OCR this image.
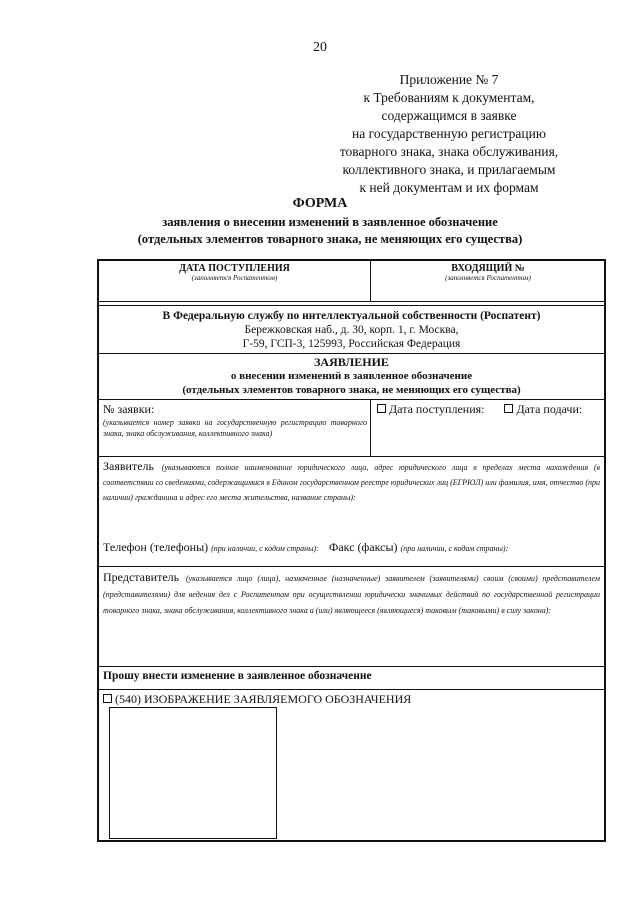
20
Приложение № 7
к Требованиям к документам,
содержащимся в заявке
на государственную регистрацию
товарного знака, знака обслуживания,
коллективного знака, и прилагаемым
к ней документам и их формам
ФОРМА
заявления о внесении изменений в заявленное обозначение
(отдельных элементов товарного знака, не меняющих его существа)
ДАТА ПОСТУПЛЕНИЯ
(заполняется Роспатентом)
ВХОДЯЩИЙ №
(заполняется Роспатентом)
В Федеральную службу по интеллектуальной собственности (Роспатент)
Бережковская наб., д. 30, корп. 1, г. Москва,
Г-59, ГСП-3, 125993, Российская Федерация
ЗАЯВЛЕНИЕ
о внесении изменений в заявленное обозначение
(отдельных элементов товарного знака, не меняющих его существа)
№ заявки:
(указывается номер заявки на государственную регистрацию товарного знака, знака обслуживания, коллективного знака)
Дата поступления:	Дата подачи:
Заявитель (указываются полное наименование юридического лица, адрес юридического лица в пределах места нахождения (в соответствии со сведениями, содержащимися в Едином государственном реестре юридических лиц (ЕГРЮЛ) или фамилия, имя, отчество (при наличии) гражданина и адрес его места жительства, название страны):
Телефон (телефоны) (при наличии, с кодом страны): Факс (факсы) (при наличии, с кодом страны):
Представитель (указывается лицо (лица), назначенное (назначенные) заявителем (заявителями) своим (своими) представителем (представителями) для ведения дел с Роспатентом при осуществлении юридически значимых действий по государственной регистрации товарного знака, знака обслуживания, коллективного знака и (или) являющееся (являющиеся) таковым (таковыми) в силу закона):
Прошу внести изменение в заявленное обозначение
(540) ИЗОБРАЖЕНИЕ ЗАЯВЛЯЕМОГО ОБОЗНАЧЕНИЯ
